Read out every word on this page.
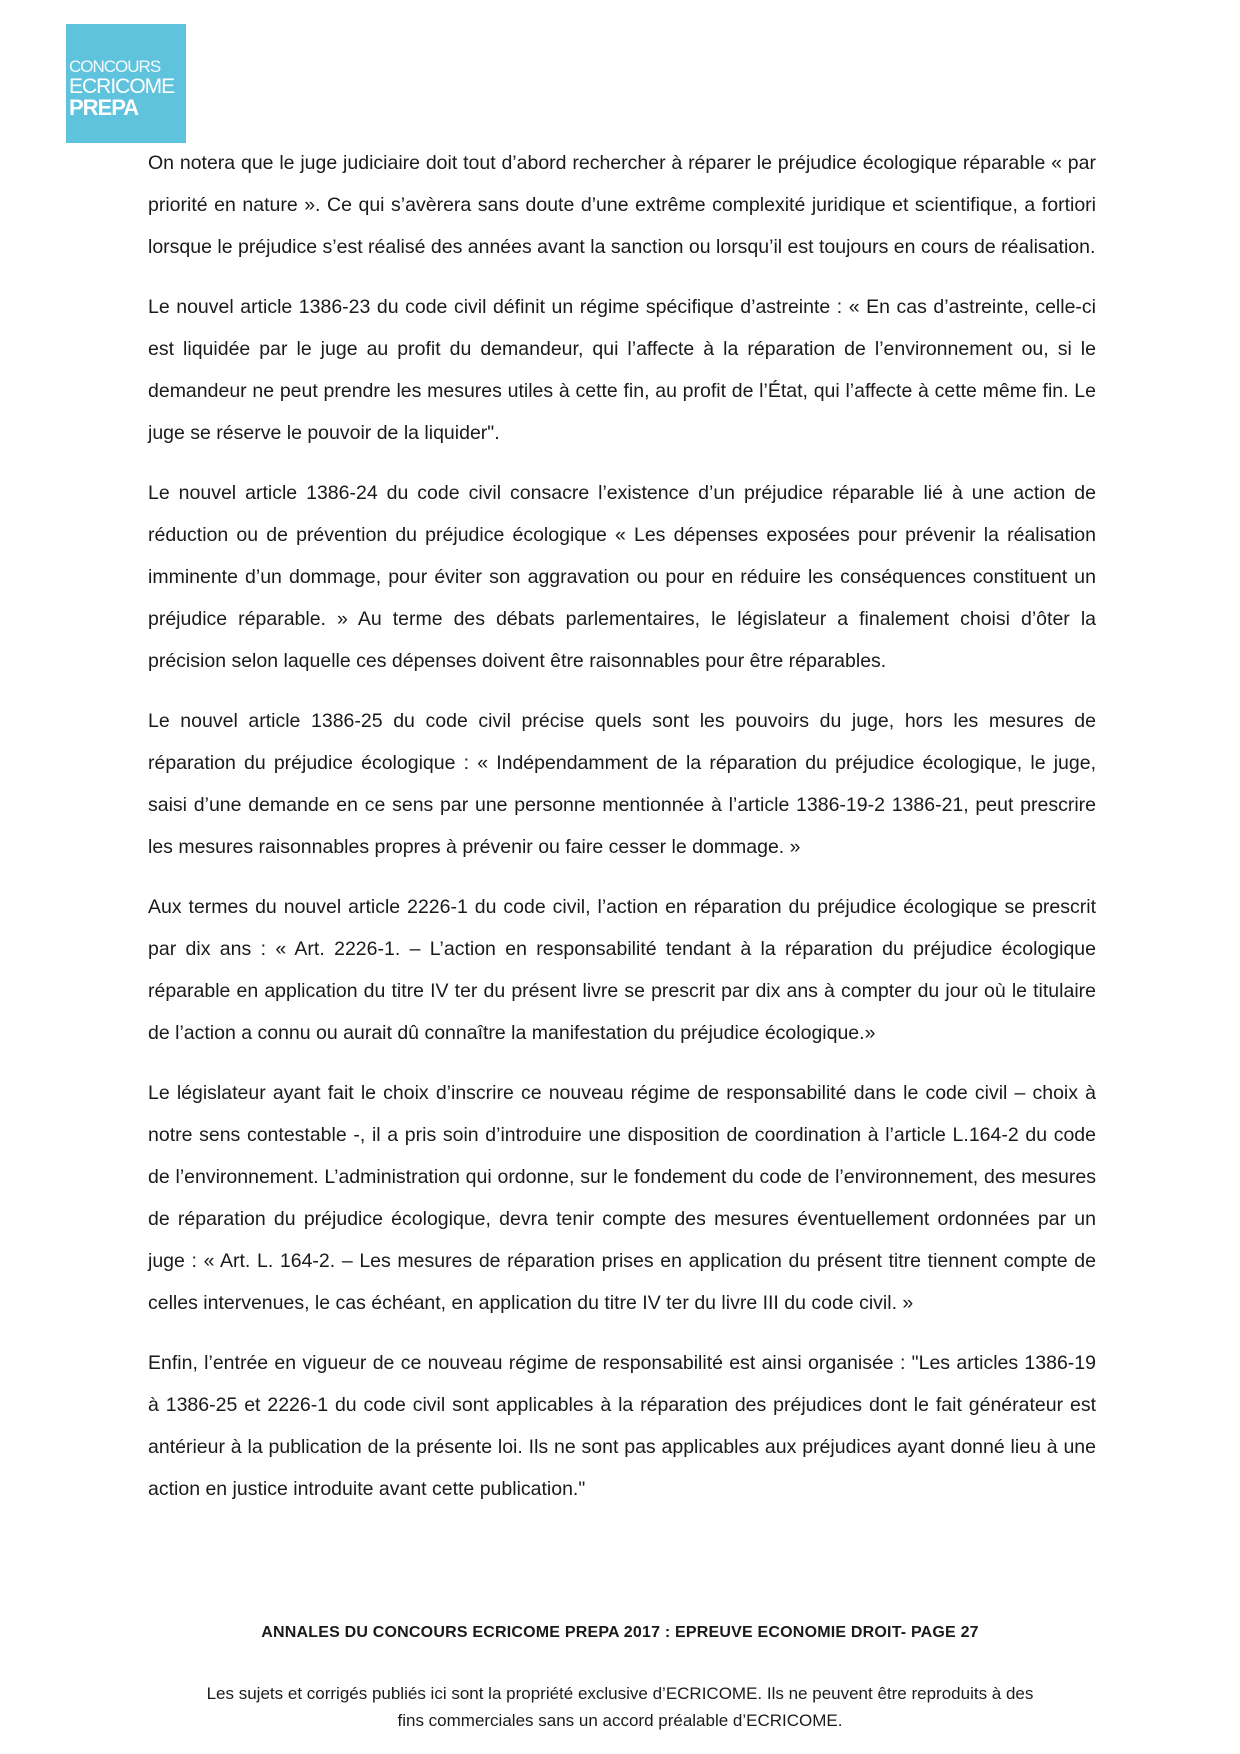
CONCOURS
ECRICOME
PREPA

On notera que le juge judiciaire doit tout d’abord rechercher à réparer le préjudice écologique réparable « par priorité en nature ». Ce qui s’avèrera sans doute d’une extrême complexité juridique et scientifique, a fortiori lorsque le préjudice s’est réalisé des années avant la sanction ou lorsqu’il est toujours en cours de réalisation.

Le nouvel article 1386-23 du code civil définit un régime spécifique d’astreinte : « En cas d’astreinte, celle-ci est liquidée par le juge au profit du demandeur, qui l’affecte à la réparation de l’environnement ou, si le demandeur ne peut prendre les mesures utiles à cette fin, au profit de l’État, qui l’affecte à cette même fin. Le juge se réserve le pouvoir de la liquider".

Le nouvel article 1386-24 du code civil consacre l’existence d’un préjudice réparable lié à une action de réduction ou de prévention du préjudice écologique « Les dépenses exposées pour prévenir la réalisation imminente d’un dommage, pour éviter son aggravation ou pour en réduire les conséquences constituent un préjudice réparable. » Au terme des débats parlementaires, le législateur a finalement choisi d’ôter la précision selon laquelle ces dépenses doivent être raisonnables pour être réparables.

Le nouvel article 1386-25 du code civil précise quels sont les pouvoirs du juge, hors les mesures de réparation du préjudice écologique : « Indépendamment de la réparation du préjudice écologique, le juge, saisi d’une demande en ce sens par une personne mentionnée à l’article 1386-19-2 1386-21, peut prescrire les mesures raisonnables propres à prévenir ou faire cesser le dommage. »

Aux termes du nouvel article 2226-1 du code civil, l’action en réparation du préjudice écologique se prescrit par dix ans : « Art. 2226-1. – L’action en responsabilité tendant à la réparation du préjudice écologique réparable en application du titre IV ter du présent livre se prescrit par dix ans à compter du jour où le titulaire de l’action a connu ou aurait dû connaître la manifestation du préjudice écologique.»

Le législateur ayant fait le choix d’inscrire ce nouveau régime de responsabilité dans le code civil – choix à notre sens contestable -, il a pris soin d’introduire une disposition de coordination à l’article L.164-2 du code de l’environnement. L’administration qui ordonne, sur le fondement du code de l’environnement, des mesures de réparation du préjudice écologique, devra tenir compte des mesures éventuellement ordonnées par un juge : « Art. L. 164-2. – Les mesures de réparation prises en application du présent titre tiennent compte de celles intervenues, le cas échéant, en application du titre IV ter du livre III du code civil. »

Enfin, l’entrée en vigueur de ce nouveau régime de responsabilité est ainsi organisée : "Les articles 1386-19 à 1386-25 et 2226-1 du code civil sont applicables à la réparation des préjudices dont le fait générateur est antérieur à la publication de la présente loi. Ils ne sont pas applicables aux préjudices ayant donné lieu à une action en justice introduite avant cette publication."

ANNALES DU CONCOURS ECRICOME PREPA 2017 : EPREUVE ECONOMIE DROIT- PAGE 27
Les sujets et corrigés publiés ici sont la propriété exclusive d’ECRICOME. Ils ne peuvent être reproduits à des
fins commerciales sans un accord préalable d’ECRICOME.
